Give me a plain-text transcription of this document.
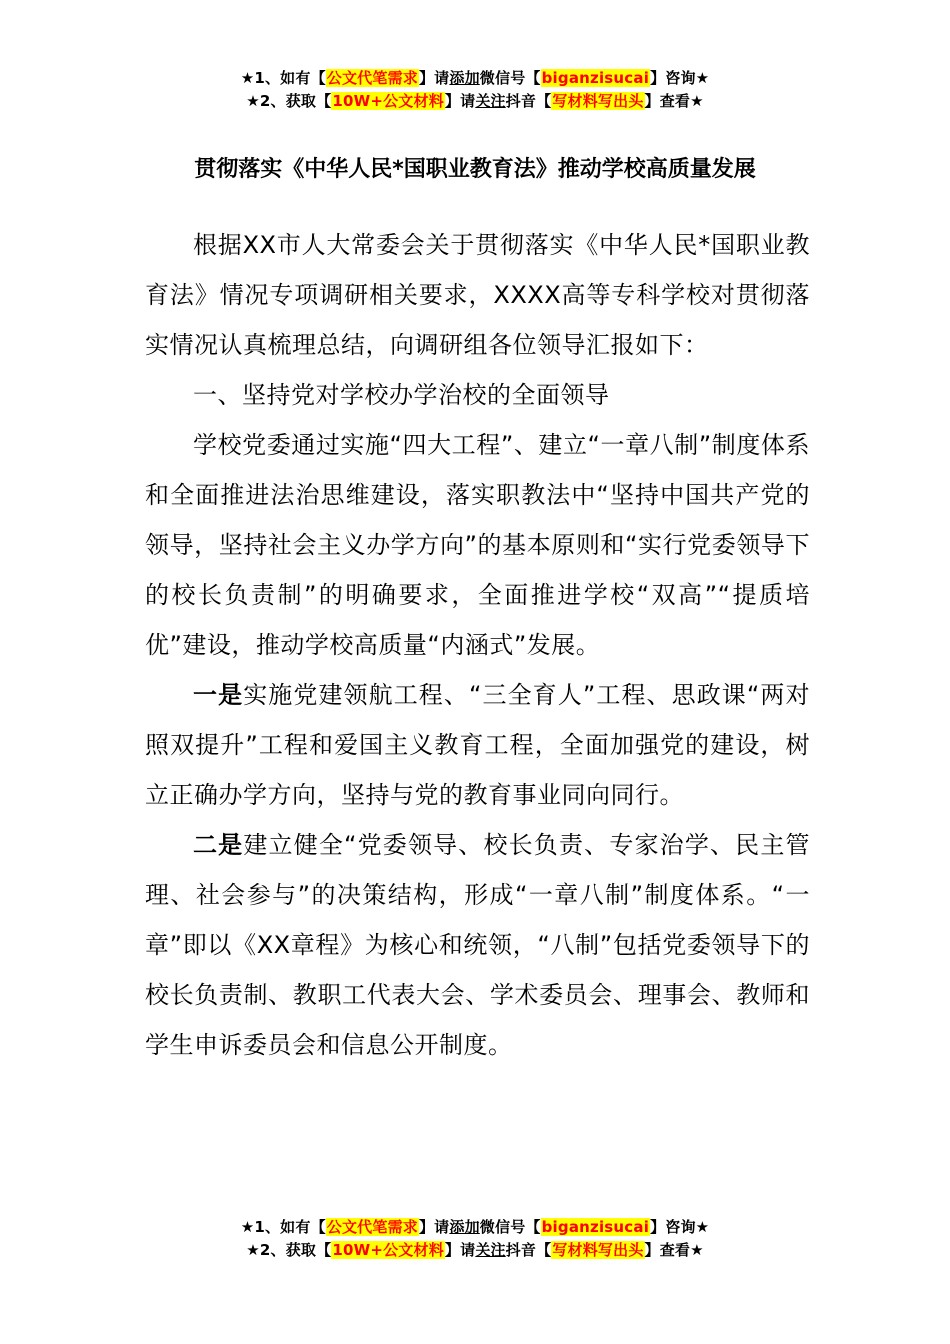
★1、如有【公文代笔需求】请添加微信号【biganzisucai】咨询★
★2、获取【10W+公文材料】请关注抖音【写材料写出头】查看★
贯彻落实《中华人民*国职业教育法》推动学校高质量发展

根据XX市人大常委会关于贯彻落实《中华人民*国职业教育法》情况专项调研相关要求，XXXX高等专科学校对贯彻落实情况认真梳理总结，向调研组各位领导汇报如下：

一、坚持党对学校办学治校的全面领导

学校党委通过实施“四大工程”、建立“一章八制”制度体系和全面推进法治思维建设，落实职教法中“坚持中国共产党的领导，坚持社会主义办学方向”的基本原则和“实行党委领导下的校长负责制”的明确要求，全面推进学校“双高”“提质培优”建设，推动学校高质量“内涵式”发展。

一是实施党建领航工程、“三全育人”工程、思政课“两对照双提升”工程和爱国主义教育工程，全面加强党的建设，树立正确办学方向，坚持与党的教育事业同向同行。

二是建立健全“党委领导、校长负责、专家治学、民主管理、社会参与”的决策结构，形成“一章八制”制度体系。“一章”即以《XX章程》为核心和统领，“八制”包括党委领导下的校长负责制、教职工代表大会、学术委员会、理事会、教师和学生申诉委员会和信息公开制度。

★1、如有【公文代笔需求】请添加微信号【biganzisucai】咨询★
★2、获取【10W+公文材料】请关注抖音【写材料写出头】查看★
